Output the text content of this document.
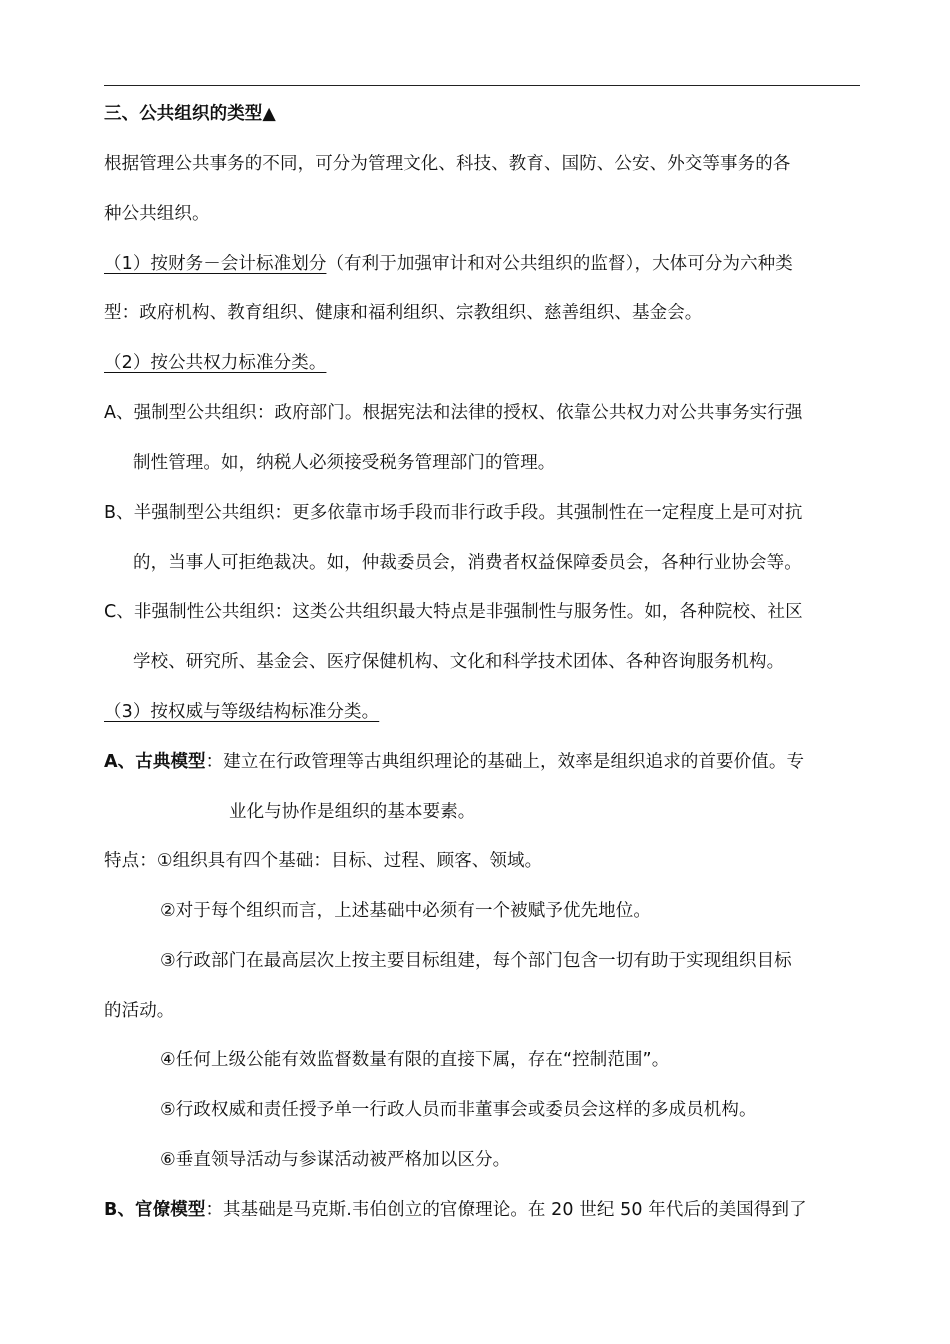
三、公共组织的类型▲
根据管理公共事务的不同，可分为管理文化、科技、教育、国防、公安、外交等事务的各
种公共组织。
（1）按财务－会计标准划分（有利于加强审计和对公共组织的监督），大体可分为六种类
型：政府机构、教育组织、健康和福利组织、宗教组织、慈善组织、基金会。
（2）按公共权力标准分类。
A、强制型公共组织：政府部门。根据宪法和法律的授权、依靠公共权力对公共事务实行强
制性管理。如，纳税人必须接受税务管理部门的管理。
B、半强制型公共组织：更多依靠市场手段而非行政手段。其强制性在一定程度上是可对抗
的，当事人可拒绝裁决。如，仲裁委员会，消费者权益保障委员会，各种行业协会等。
C、非强制性公共组织：这类公共组织最大特点是非强制性与服务性。如，各种院校、社区
学校、研究所、基金会、医疗保健机构、文化和科学技术团体、各种咨询服务机构。
（3）按权威与等级结构标准分类。
A、古典模型：建立在行政管理等古典组织理论的基础上，效率是组织追求的首要价值。专
业化与协作是组织的基本要素。
特点：①组织具有四个基础：目标、过程、顾客、领域。
②对于每个组织而言，上述基础中必须有一个被赋予优先地位。
③行政部门在最高层次上按主要目标组建，每个部门包含一切有助于实现组织目标
的活动。
④任何上级公能有效监督数量有限的直接下属，存在“控制范围”。
⑤行政权威和责任授予单一行政人员而非董事会或委员会这样的多成员机构。
⑥垂直领导活动与参谋活动被严格加以区分。
B、官僚模型：其基础是马克斯.韦伯创立的官僚理论。在 20 世纪 50 年代后的美国得到了
